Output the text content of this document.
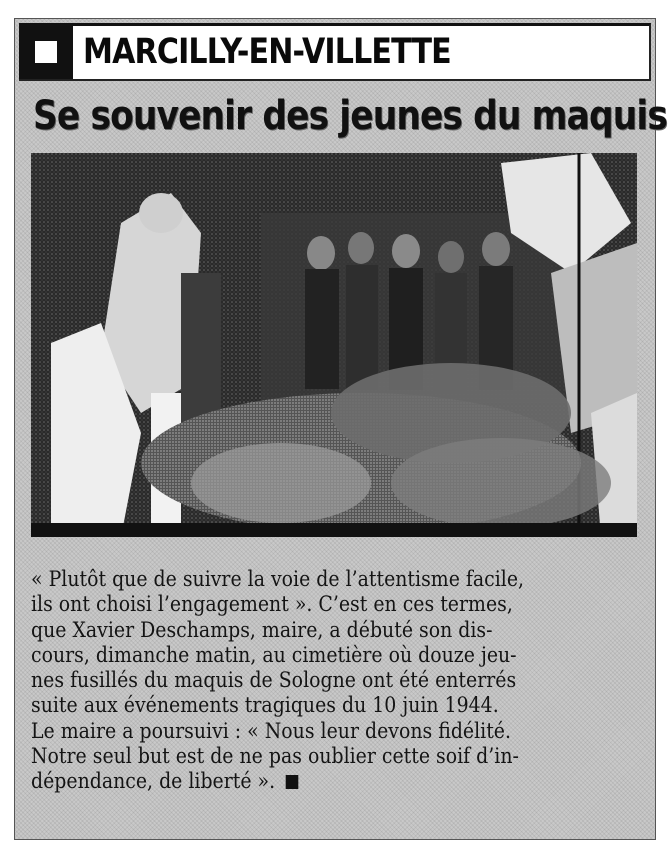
MARCILLY-EN-VILLETTE
Se souvenir des jeunes du maquis
« Plutôt que de suivre la voie de l’attentisme facile,
ils ont choisi l’engagement ». C’est en ces termes,
que Xavier Deschamps, maire, a débuté son dis-
cours, dimanche matin, au cimetière où douze jeu-
nes fusillés du maquis de Sologne ont été enterrés
suite aux événements tragiques du 10 juin 1944.
Le maire a poursuivi : « Nous leur devons fidélité.
Notre seul but est de ne pas oublier cette soif d’in-
dépendance, de liberté ».
